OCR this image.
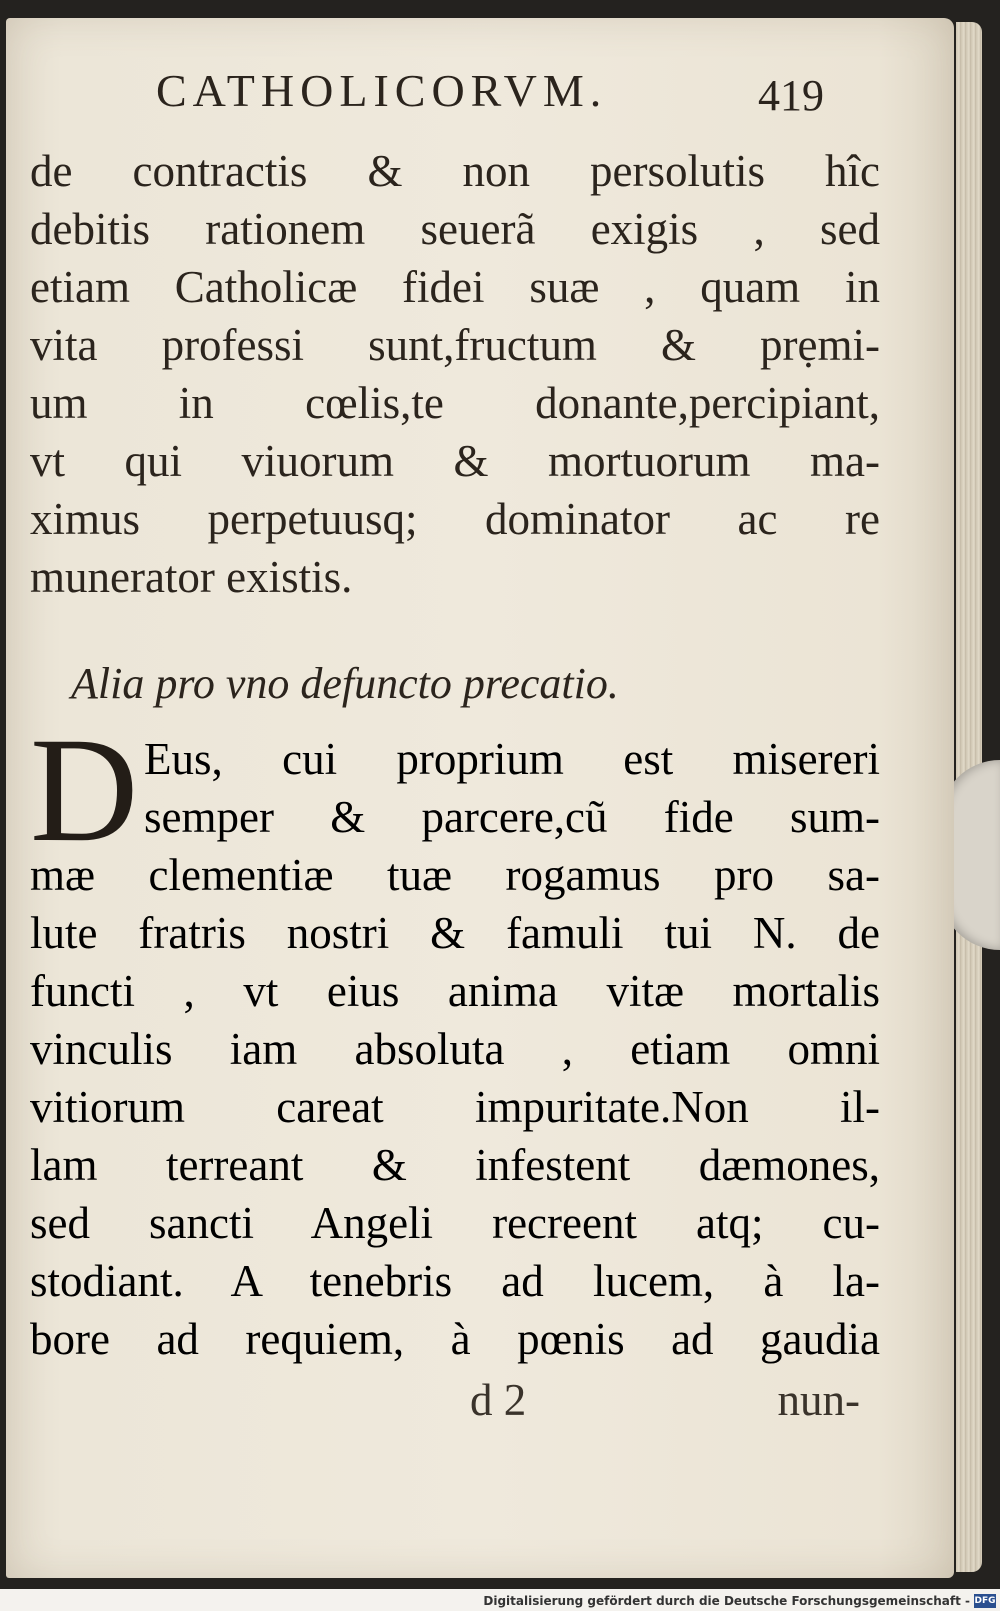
CATHOLICORVM.	419
de contractis & non persolutis hîc
debitis rationem seuerã exigis , sed
etiam Catholicæ fidei suæ , quam in
vita professi sunt,fructum & prẹmi-
um in cœlis,te donante,percipiant,
vt qui viuorum & mortuorum ma-
ximus perpetuusq; dominator ac re
munerator existis.
Alia pro vno defuncto precatio.
D Eus, cui proprium est misereri
semper & parcere,cũ fide sum-
mæ clementiæ tuæ rogamus pro sa-
lute fratris nostri & famuli tui N. de
functi , vt eius anima vitæ mortalis
vinculis iam absoluta , etiam omni
vitiorum careat impuritate.Non il-
lam terreant & infestent dæmones,
sed sancti Angeli recreent atq; cu-
stodiant. A tenebris ad lucem, à la-
bore ad requiem, à pœnis ad gaudia
d 2	nun-
Digitalisierung gefördert durch die Deutsche Forschungsgemeinschaft - DFG
